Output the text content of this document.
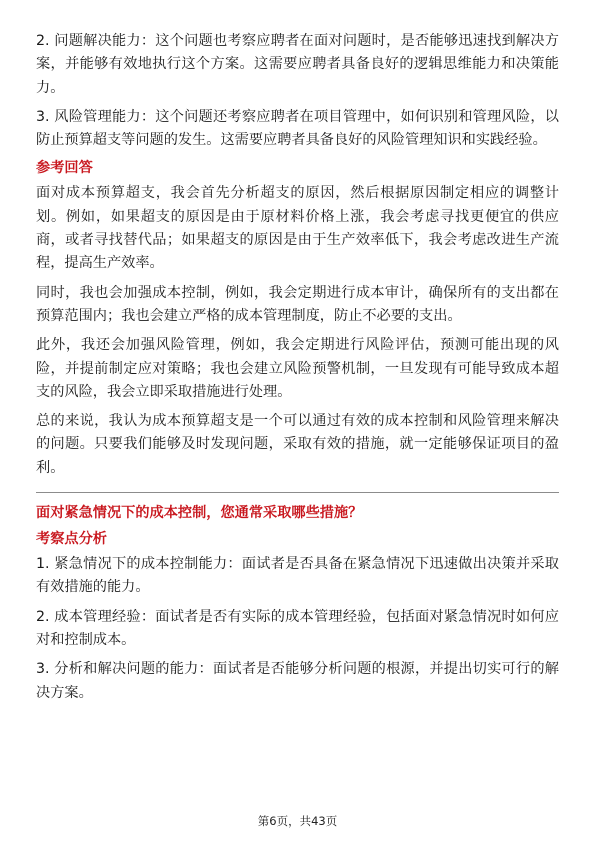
2. 问题解决能力：这个问题也考察应聘者在面对问题时，是否能够迅速找到解决方案，并能够有效地执行这个方案。这需要应聘者具备良好的逻辑思维能力和决策能力。

3. 风险管理能力：这个问题还考察应聘者在项目管理中，如何识别和管理风险，以防止预算超支等问题的发生。这需要应聘者具备良好的风险管理知识和实践经验。

参考回答

面对成本预算超支，我会首先分析超支的原因，然后根据原因制定相应的调整计划。例如，如果超支的原因是由于原材料价格上涨，我会考虑寻找更便宜的供应商，或者寻找替代品；如果超支的原因是由于生产效率低下，我会考虑改进生产流程，提高生产效率。

同时，我也会加强成本控制，例如，我会定期进行成本审计，确保所有的支出都在预算范围内；我也会建立严格的成本管理制度，防止不必要的支出。

此外，我还会加强风险管理，例如，我会定期进行风险评估，预测可能出现的风险，并提前制定应对策略；我也会建立风险预警机制，一旦发现有可能导致成本超支的风险，我会立即采取措施进行处理。

总的来说，我认为成本预算超支是一个可以通过有效的成本控制和风险管理来解决的问题。只要我们能够及时发现问题，采取有效的措施，就一定能够保证项目的盈利。

面对紧急情况下的成本控制，您通常采取哪些措施？
考察点分析

1. 紧急情况下的成本控制能力：面试者是否具备在紧急情况下迅速做出决策并采取有效措施的能力。

2. 成本管理经验：面试者是否有实际的成本管理经验，包括面对紧急情况时如何应对和控制成本。

3. 分析和解决问题的能力：面试者是否能够分析问题的根源，并提出切实可行的解决方案。

第6页，共43页
